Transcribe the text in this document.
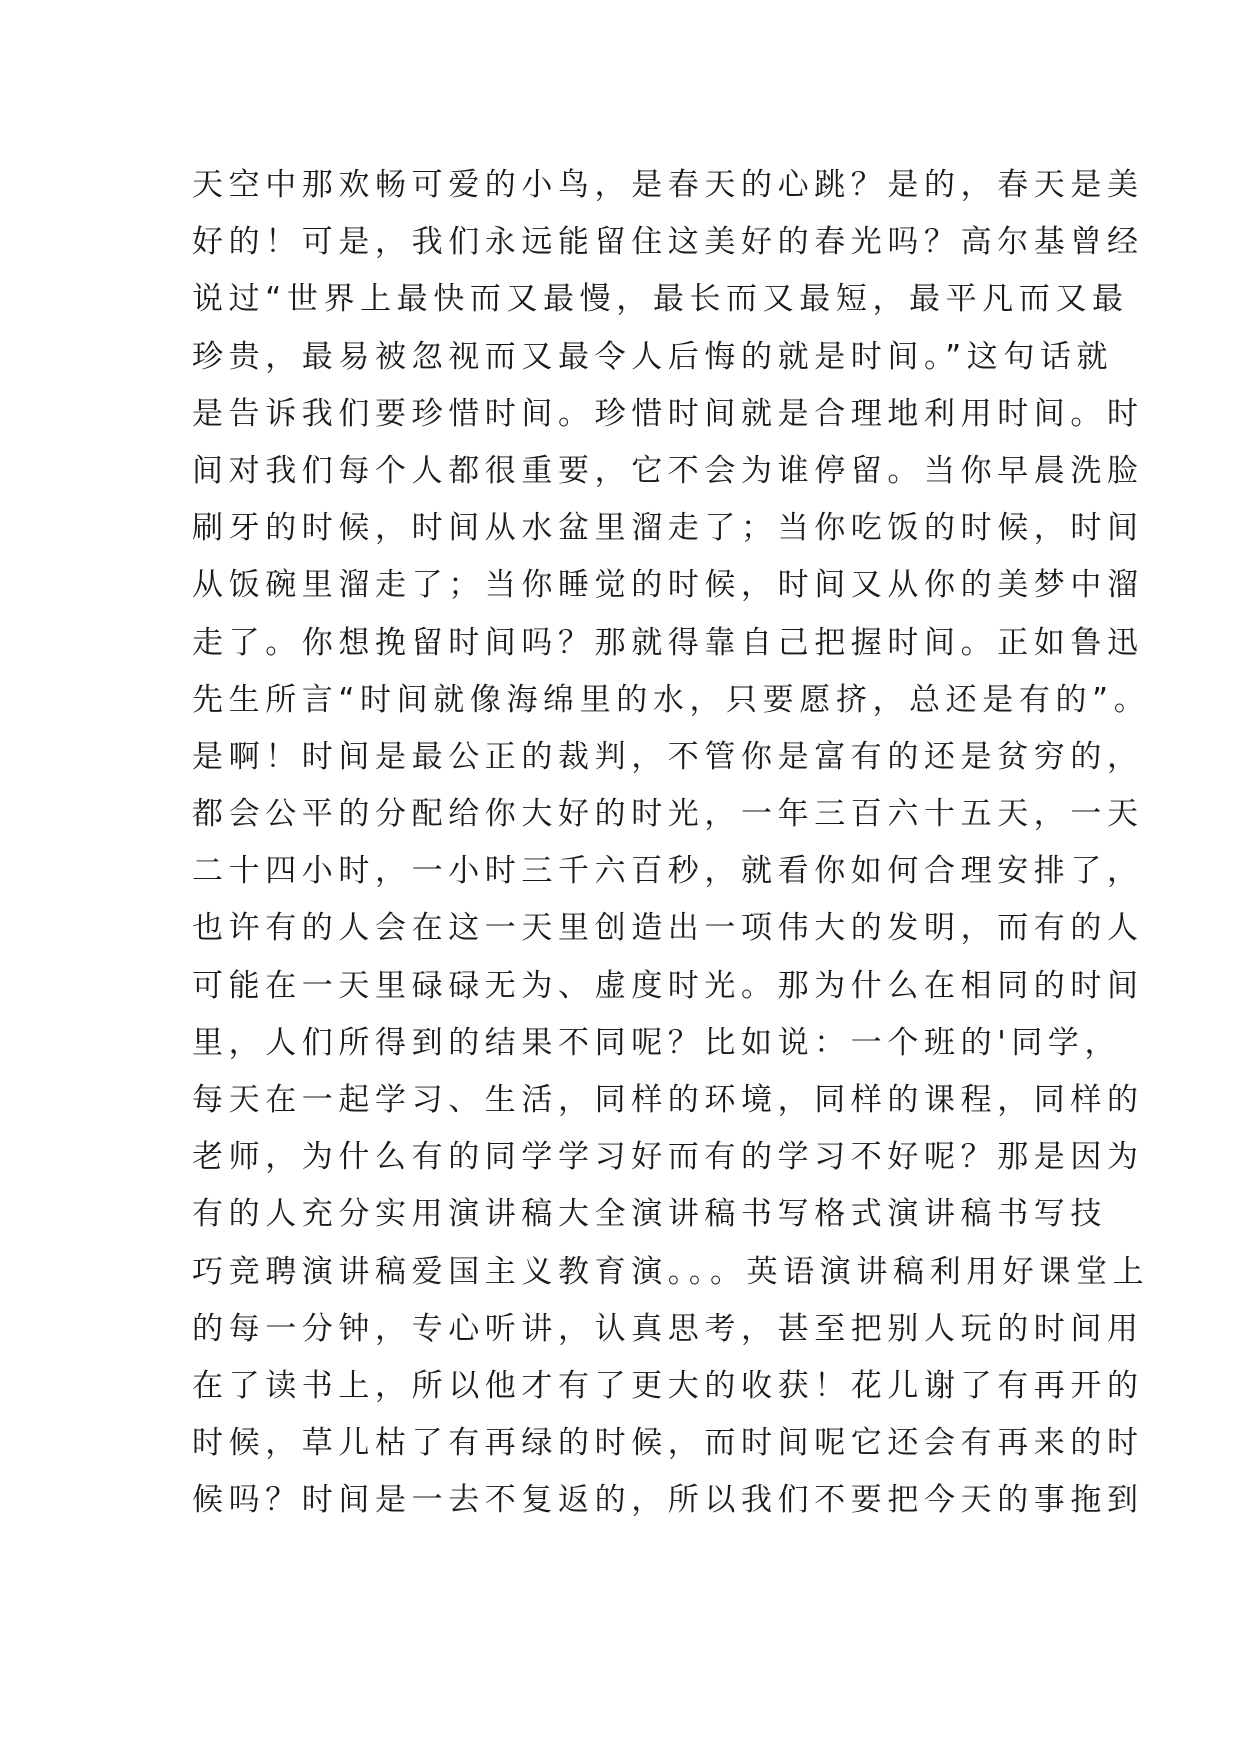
天空中那欢畅可爱的小鸟，是春天的心跳？是的，春天是美
好的！可是，我们永远能留住这美好的春光吗？高尔基曾经
说过“世界上最快而又最慢，最长而又最短，最平凡而又最
珍贵，最易被忽视而又最令人后悔的就是时间。”这句话就
是告诉我们要珍惜时间。珍惜时间就是合理地利用时间。时
间对我们每个人都很重要，它不会为谁停留。当你早晨洗脸
刷牙的时候，时间从水盆里溜走了；当你吃饭的时候，时间
从饭碗里溜走了；当你睡觉的时候，时间又从你的美梦中溜
走了。你想挽留时间吗？那就得靠自己把握时间。正如鲁迅
先生所言“时间就像海绵里的水，只要愿挤，总还是有的”。
是啊！时间是最公正的裁判，不管你是富有的还是贫穷的，
都会公平的分配给你大好的时光，一年三百六十五天，一天
二十四小时，一小时三千六百秒，就看你如何合理安排了，
也许有的人会在这一天里创造出一项伟大的发明，而有的人
可能在一天里碌碌无为、虚度时光。那为什么在相同的时间
里，人们所得到的结果不同呢？比如说：一个班的'同学，
每天在一起学习、生活，同样的环境，同样的课程，同样的
老师，为什么有的同学学习好而有的学习不好呢？那是因为
有的人充分实用演讲稿大全演讲稿书写格式演讲稿书写技
巧竞聘演讲稿爱国主义教育演。。。英语演讲稿利用好课堂上
的每一分钟，专心听讲，认真思考，甚至把别人玩的时间用
在了读书上，所以他才有了更大的收获！花儿谢了有再开的
时候，草儿枯了有再绿的时候，而时间呢它还会有再来的时
候吗？时间是一去不复返的，所以我们不要把今天的事拖到
